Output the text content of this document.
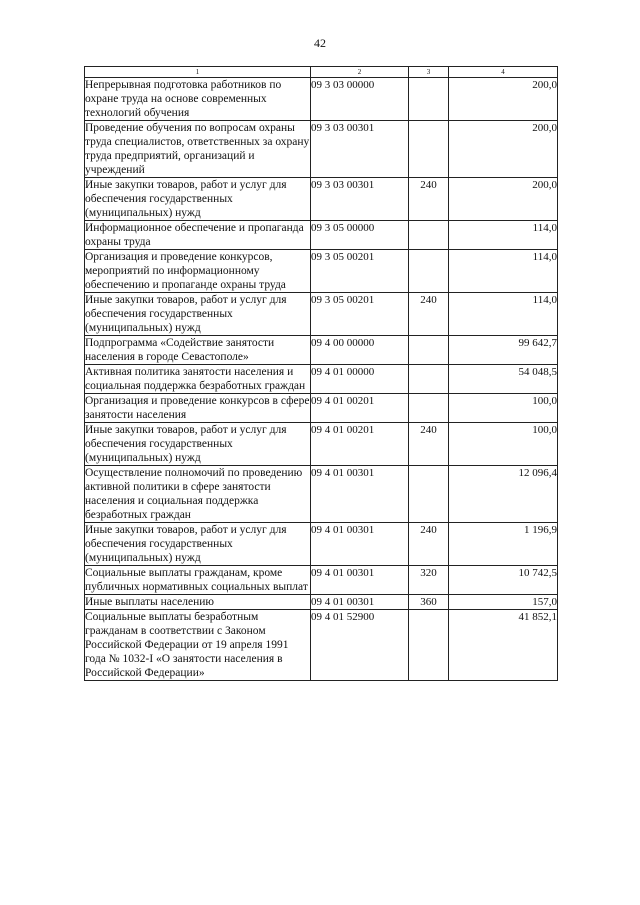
42
1	2	3	4
Непрерывная подготовка работников по охране труда на основе современных технологий обучения	09 3 03 00000		200,0
Проведение обучения по вопросам охраны труда специалистов, ответственных за охрану труда предприятий, организаций и учреждений	09 3 03 00301		200,0
Иные закупки товаров, работ и услуг для обеспечения государственных (муниципальных) нужд	09 3 03 00301	240	200,0
Информационное обеспечение и пропаганда охраны труда	09 3 05 00000		114,0
Организация и проведение конкурсов, мероприятий по информационному обеспечению и пропаганде охраны труда	09 3 05 00201		114,0
Иные закупки товаров, работ и услуг для обеспечения государственных (муниципальных) нужд	09 3 05 00201	240	114,0
Подпрограмма «Содействие занятости населения в городе Севастополе»	09 4 00 00000		99 642,7
Активная политика занятости населения и социальная поддержка безработных граждан	09 4 01 00000		54 048,5
Организация и проведение конкурсов в сфере занятости населения	09 4 01 00201		100,0
Иные закупки товаров, работ и услуг для обеспечения государственных (муниципальных) нужд	09 4 01 00201	240	100,0
Осуществление полномочий по проведению активной политики в сфере занятости населения и социальная поддержка безработных граждан	09 4 01 00301		12 096,4
Иные закупки товаров, работ и услуг для обеспечения государственных (муниципальных) нужд	09 4 01 00301	240	1 196,9
Социальные выплаты гражданам, кроме публичных нормативных социальных выплат	09 4 01 00301	320	10 742,5
Иные выплаты населению	09 4 01 00301	360	157,0
Социальные выплаты безработным гражданам в соответствии с Законом Российской Федерации от 19 апреля 1991 года № 1032-I «О занятости населения в Российской Федерации»	09 4 01 52900		41 852,1
